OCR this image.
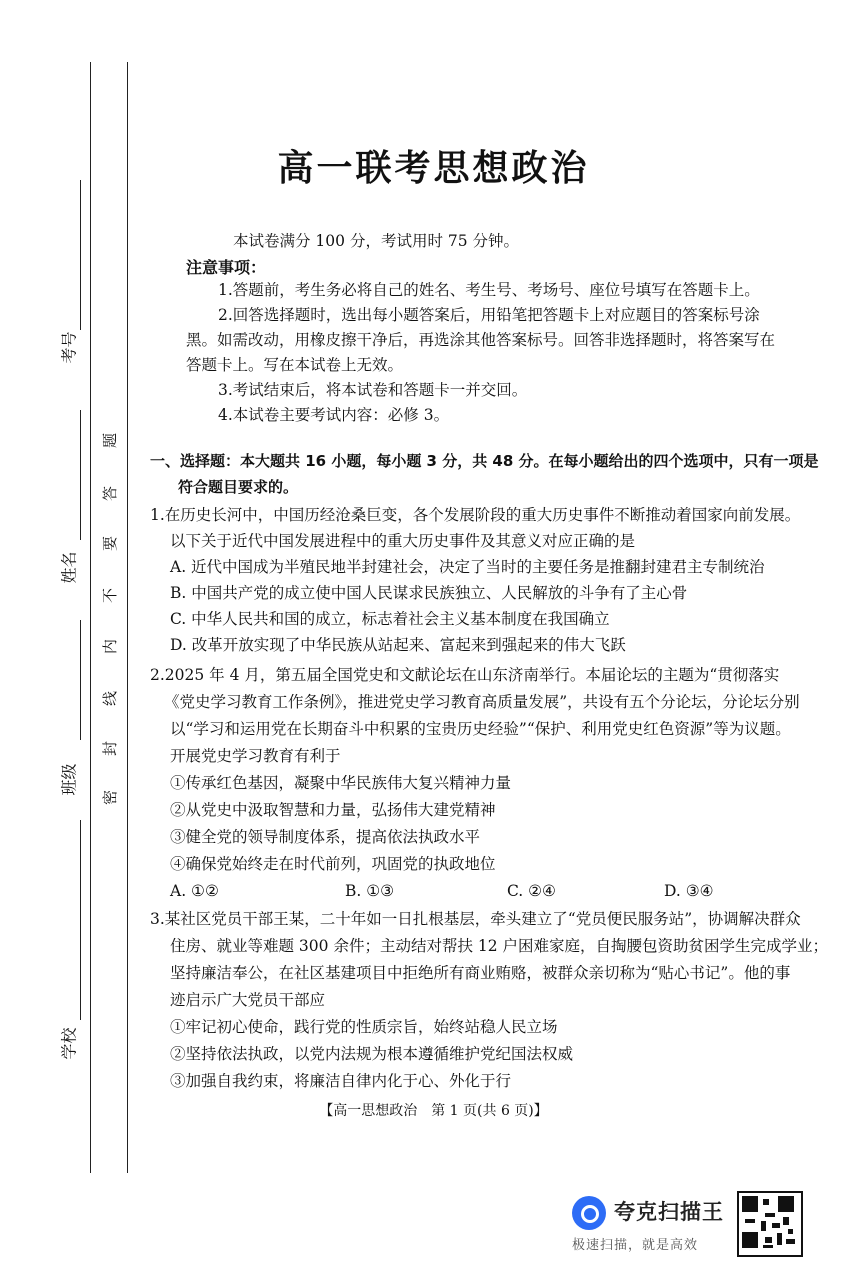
考号
姓名
班级
学校
题
答
要
不
内
线
封
密
高一联考思想政治
本试卷满分 100 分，考试用时 75 分钟。
注意事项：
1.答题前，考生务必将自己的姓名、考生号、考场号、座位号填写在答题卡上。
2.回答选择题时，选出每小题答案后，用铅笔把答题卡上对应题目的答案标号涂
黑。如需改动，用橡皮擦干净后，再选涂其他答案标号。回答非选择题时，将答案写在
答题卡上。写在本试卷上无效。
3.考试结束后，将本试卷和答题卡一并交回。
4.本试卷主要考试内容：必修 3。
一、选择题：本大题共 16 小题，每小题 3 分，共 48 分。在每小题给出的四个选项中，只有一项是
符合题目要求的。
1.在历史长河中，中国历经沧桑巨变，各个发展阶段的重大历史事件不断推动着国家向前发展。
以下关于近代中国发展进程中的重大历史事件及其意义对应正确的是
A. 近代中国成为半殖民地半封建社会，决定了当时的主要任务是推翻封建君主专制统治
B. 中国共产党的成立使中国人民谋求民族独立、人民解放的斗争有了主心骨
C. 中华人民共和国的成立，标志着社会主义基本制度在我国确立
D. 改革开放实现了中华民族从站起来、富起来到强起来的伟大飞跃
2.2025 年 4 月，第五届全国党史和文献论坛在山东济南举行。本届论坛的主题为“贯彻落实
《党史学习教育工作条例》，推进党史学习教育高质量发展”，共设有五个分论坛，分论坛分别
以“学习和运用党在长期奋斗中积累的宝贵历史经验”“保护、利用党史红色资源”等为议题。
开展党史学习教育有利于
①传承红色基因，凝聚中华民族伟大复兴精神力量
②从党史中汲取智慧和力量，弘扬伟大建党精神
③健全党的领导制度体系，提高依法执政水平
④确保党始终走在时代前列，巩固党的执政地位
A. ①②	B. ①③	C. ②④	D. ③④
3.某社区党员干部王某，二十年如一日扎根基层，牵头建立了“党员便民服务站”，协调解决群众
住房、就业等难题 300 余件；主动结对帮扶 12 户困难家庭，自掏腰包资助贫困学生完成学业；
坚持廉洁奉公，在社区基建项目中拒绝所有商业贿赂，被群众亲切称为“贴心书记”。他的事
迹启示广大党员干部应
①牢记初心使命，践行党的性质宗旨，始终站稳人民立场
②坚持依法执政，以党内法规为根本遵循维护党纪国法权威
③加强自我约束，将廉洁自律内化于心、外化于行
【高一思想政治　第 1 页(共 6 页)】
夸克扫描王
极速扫描，就是高效
